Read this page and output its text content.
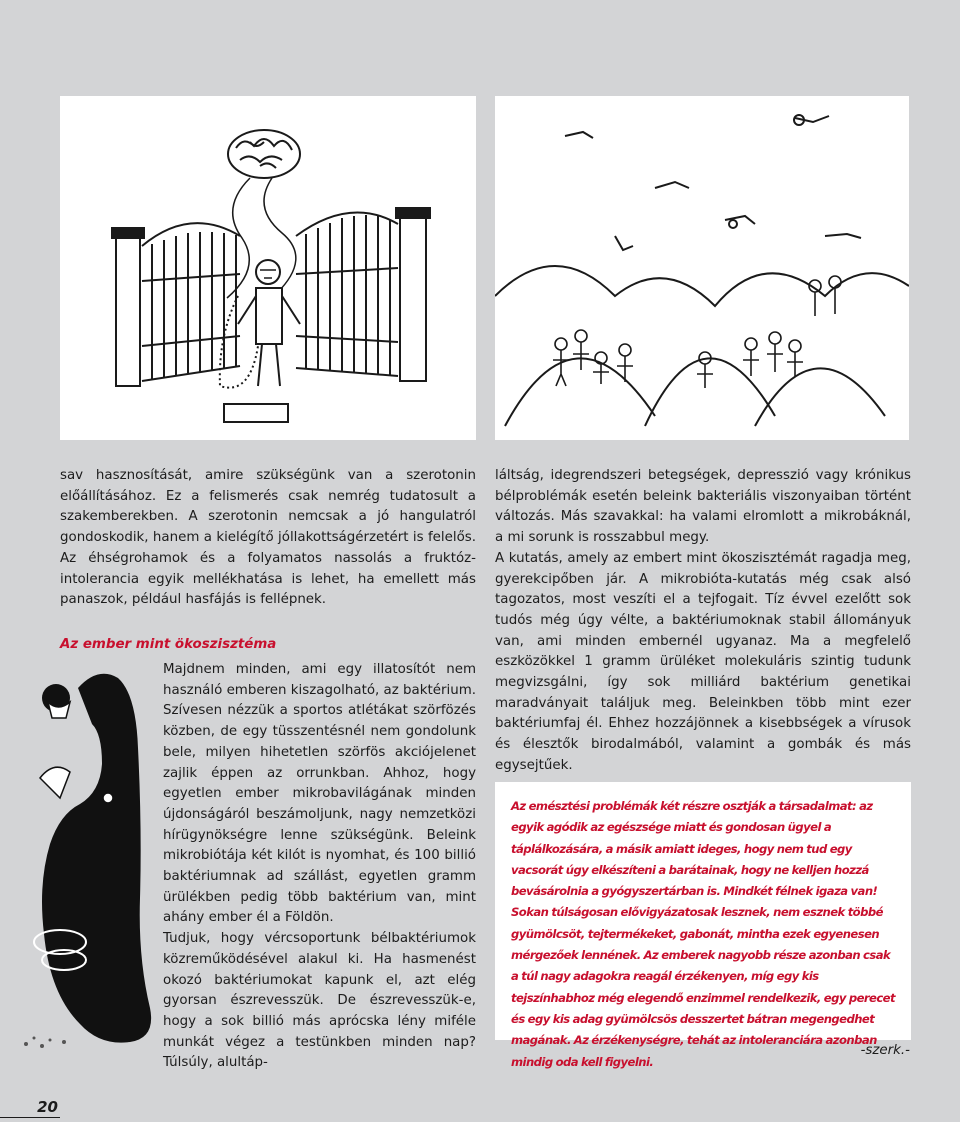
sav hasznosítását, amire szükségünk van a szerotonin előállításához. Ez a felismerés csak nemrég tudatosult a szakemberekben. A szerotonin nemcsak a jó hangulatról gondoskodik, hanem a kielégítő jóllakottságérzetért is felelős. Az éhségrohamok és a folyamatos nassolás a fruktóz-intolerancia egyik mellékhatása is lehet, ha emellett más panaszok, például hasfájás is fellépnek.

láltság, idegrendszeri betegségek, depresszió vagy krónikus bélproblémák esetén beleink bakteriális viszonyaiban történt változás. Más szavakkal: ha valami elromlott a mikrobáknál, a mi sorunk is rosszabbul megy.

A kutatás, amely az embert mint ökoszisztémát ragadja meg, gyerekcipőben jár. A mikrobióta-kutatás még csak alsó tagozatos, most veszíti el a tejfogait. Tíz évvel ezelőtt sok tudós még úgy vélte, a baktériumoknak stabil állományuk van, ami minden embernél ugyanaz. Ma a megfelelő eszközökkel 1 gramm ürüléket molekuláris szintig tudunk megvizsgálni, így sok milliárd baktérium genetikai maradványait találjuk meg. Beleinkben több mint ezer baktériumfaj él. Ehhez hozzájönnek a kisebbségek a vírusok és élesztők birodalmából, valamint a gombák és más egysejtűek.

Az ember mint ökoszisztéma

Majdnem minden, ami egy illatosítót nem használó emberen kiszagolható, az baktérium. Szívesen nézzük a sportos atlétákat szörfözés közben, de egy tüsszentésnél nem gondolunk bele, milyen hihetetlen szörfös akciójelenet zajlik éppen az orrunkban. Ahhoz, hogy egyetlen ember mikrobavilágának minden újdonságáról beszámoljunk, nagy nemzetközi hírügynökségre lenne szükségünk. Beleink mikrobiótája két kilót is nyomhat, és 100 billió baktériumnak ad szállást, egyetlen gramm ürülékben pedig több baktérium van, mint ahány ember él a Földön.

Tudjuk, hogy vércsoportunk bélbaktériumok közreműködésével alakul ki. Ha hasmenést okozó baktériumokat kapunk el, azt elég gyorsan észrevesszük. De észrevesszük-e, hogy a sok billió más aprócska lény miféle munkát végez a testünkben minden nap? Túlsúly, alultáp-

Az emésztési problémák két részre osztják a társadalmat: az egyik agódik az egészsége miatt és gondosan ügyel a táplálkozására, a másik amiatt ideges, hogy nem tud egy vacsorát úgy elkészíteni a barátainak, hogy ne kelljen hozzá bevásárolnia a gyógyszertárban is. Mindkét félnek igaza van! Sokan túlságosan elővigyázatosak lesznek, nem esznek többé gyümölcsöt, tejtermékeket, gabonát, mintha ezek egyenesen mérgezőek lennének. Az emberek nagyobb része azonban csak a túl nagy adagokra reagál érzékenyen, míg egy kis tejszínhabhoz még elegendő enzimmel rendelkezik, egy perecet és egy kis adag gyümölcsös desszertet bátran megengedhet magának. Az érzékenységre, tehát az intoleranciára azonban mindig oda kell figyelni.
-szerk.-
20
